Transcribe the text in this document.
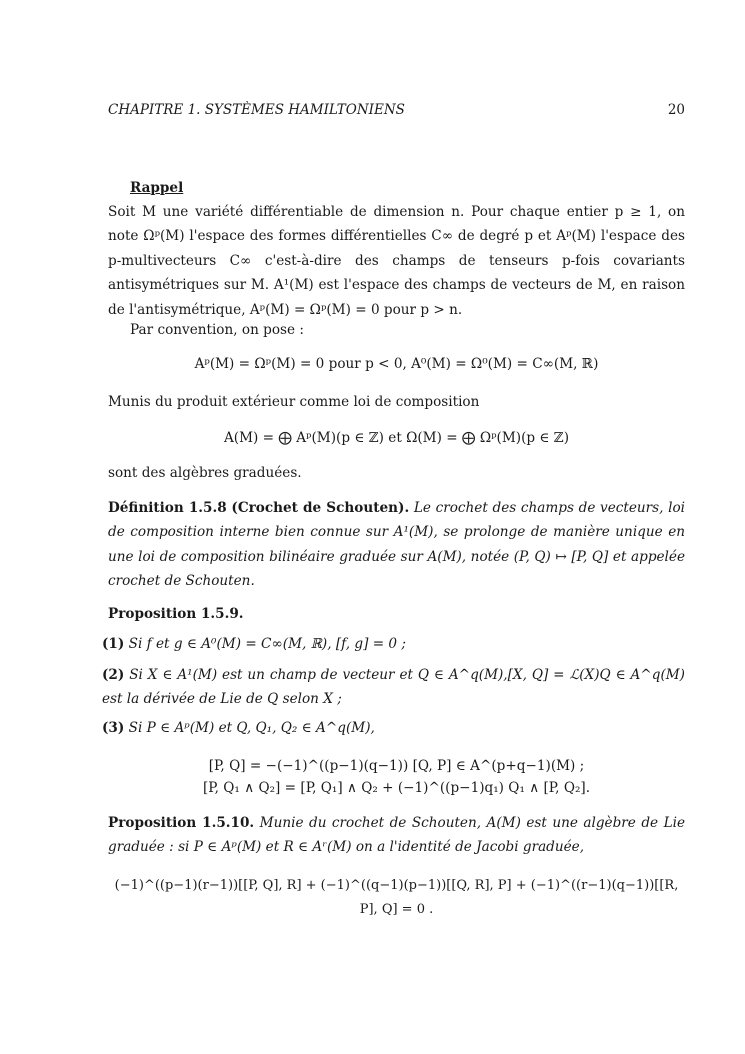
CHAPITRE 1. SYSTÈMES HAMILTONIENS	20
Rappel
Soit M une variété différentiable de dimension n. Pour chaque entier p ≥ 1, on note Ωᵖ(M) l'espace des formes différentielles C∞ de degré p et Aᵖ(M) l'espace des p-multivecteurs C∞ c'est-à-dire des champs de tenseurs p-fois covariants antisymétriques sur M. A¹(M) est l'espace des champs de vecteurs de M, en raison de l'antisymétrique, Aᵖ(M) = Ωᵖ(M) = 0 pour p > n.
Par convention, on pose :
Aᵖ(M) = Ωᵖ(M) = 0 pour p < 0, A⁰(M) = Ω⁰(M) = C∞(M, ℝ)
Munis du produit extérieur comme loi de composition
A(M) = ⨁ Aᵖ(M)(p ∈ ℤ) et Ω(M) = ⨁ Ωᵖ(M)(p ∈ ℤ)
sont des algèbres graduées.
Définition 1.5.8 (Crochet de Schouten). Le crochet des champs de vecteurs, loi de composition interne bien connue sur A¹(M), se prolonge de manière unique en une loi de composition bilinéaire graduée sur A(M), notée (P, Q) ↦ [P, Q] et appelée crochet de Schouten.
Proposition 1.5.9.
(1) Si f et g ∈ A⁰(M) = C∞(M, ℝ), [f, g] = 0 ;
(2) Si X ∈ A¹(M) est un champ de vecteur et Q ∈ A^q(M),[X, Q] = ℒ(X)Q ∈ A^q(M) est la dérivée de Lie de Q selon X ;
(3) Si P ∈ Aᵖ(M) et Q, Q₁, Q₂ ∈ A^q(M),
[P, Q] = −(−1)^((p−1)(q−1)) [Q, P] ∈ A^(p+q−1)(M) ;
[P, Q₁ ∧ Q₂] = [P, Q₁] ∧ Q₂ + (−1)^((p−1)q₁) Q₁ ∧ [P, Q₂].
Proposition 1.5.10. Munie du crochet de Schouten, A(M) est une algèbre de Lie graduée : si P ∈ Aᵖ(M) et R ∈ Aʳ(M) on a l'identité de Jacobi graduée,
(−1)^((p−1)(r−1))[[P, Q], R] + (−1)^((q−1)(p−1))[[Q, R], P] + (−1)^((r−1)(q−1))[[R, P], Q] = 0 .
